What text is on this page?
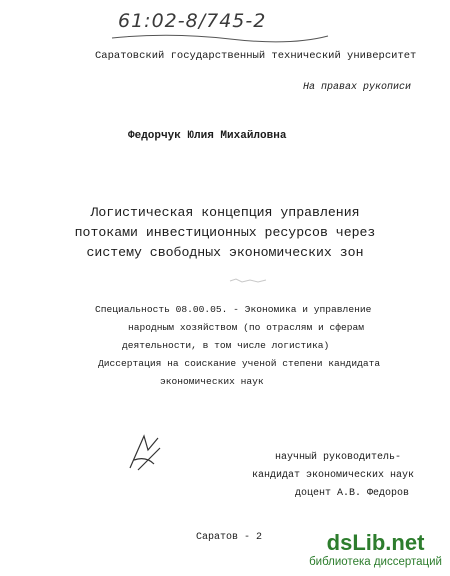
61:02-8/745-2
Саратовский государственный технический университет
На правах рукописи
Федорчук Юлия Михайловна
Логистическая концепция управления
потоками инвестиционных ресурсов через
систему свободных экономических зон
Специальность 08.00.05. - Экономика и управление
народным хозяйством (по отраслям и сферам
деятельности, в том числе логистика)
Диссертация на соискание ученой степени кандидата
экономических наук
научный руководитель-
кандидат экономических наук
доцент А.В. Федоров
Саратов - 2	dsLib.net
библиотека диссертаций
